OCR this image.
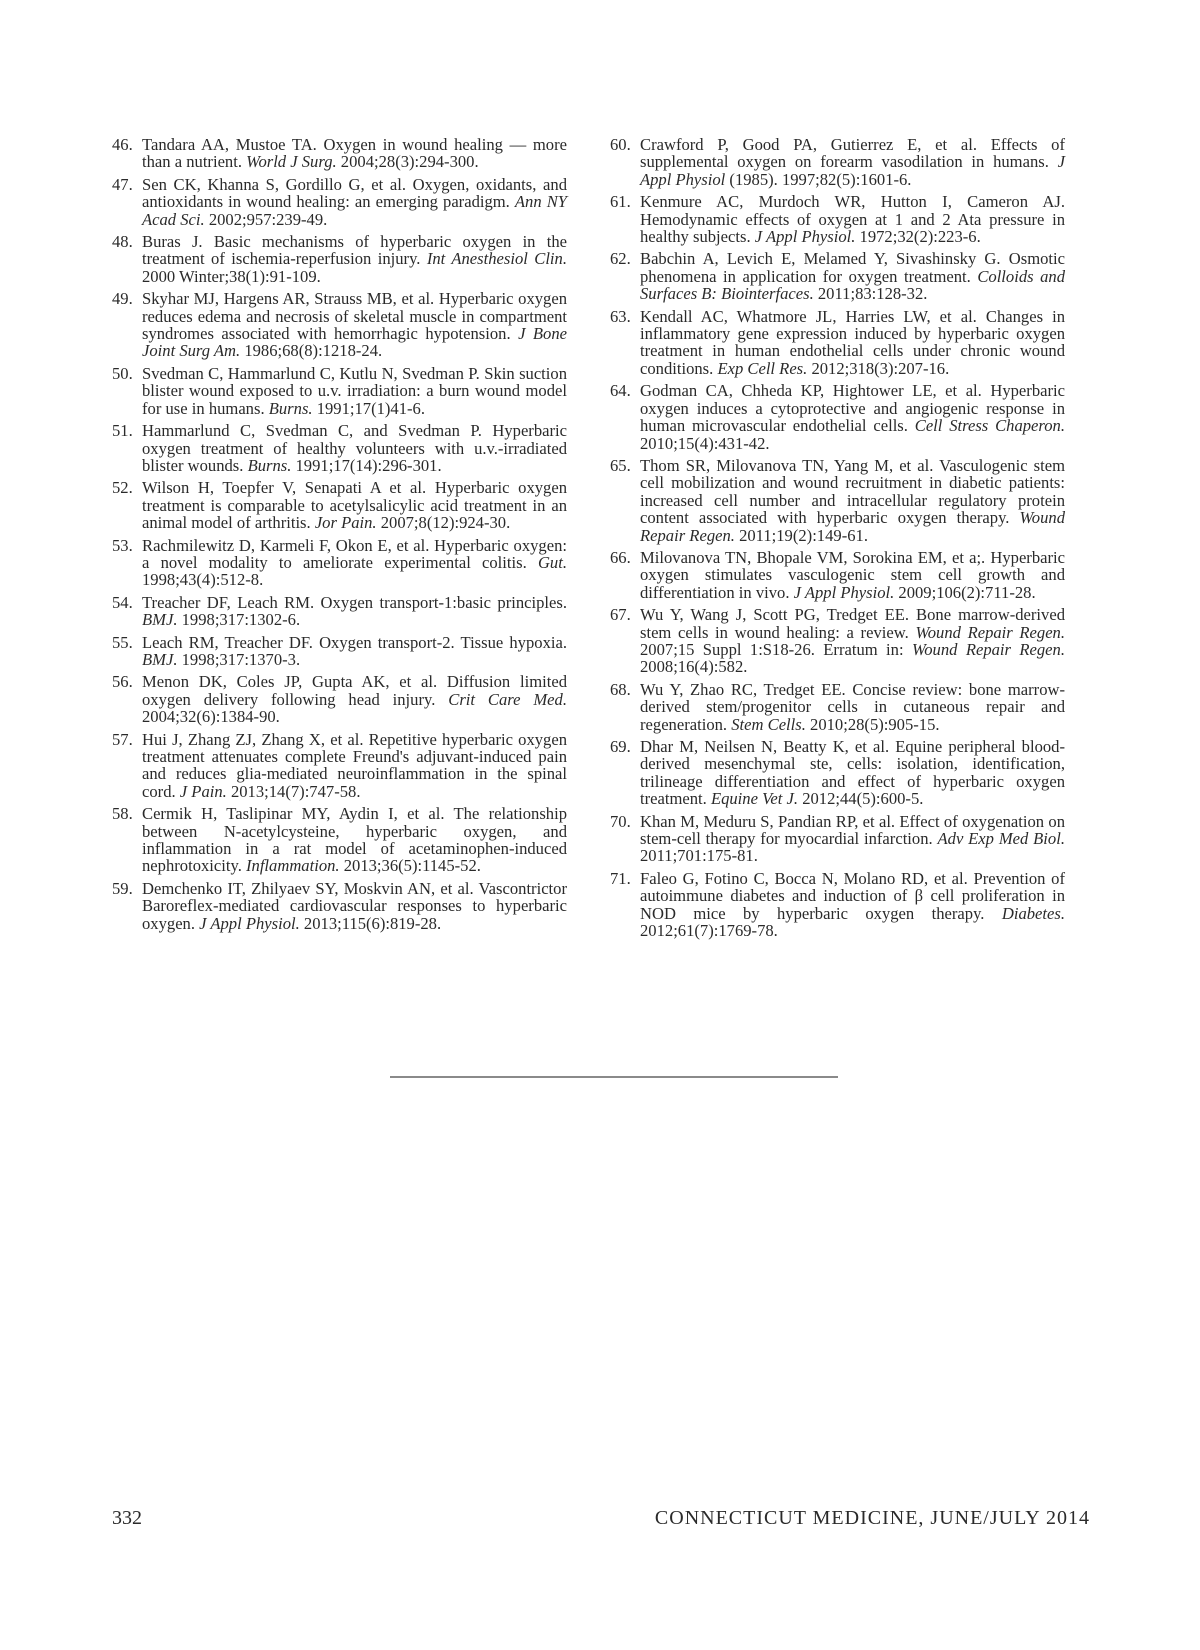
46. Tandara AA, Mustoe TA. Oxygen in wound healing — more than a nutrient. World J Surg. 2004;28(3):294-300.
47. Sen CK, Khanna S, Gordillo G, et al. Oxygen, oxidants, and antioxidants in wound healing: an emerging paradigm. Ann NY Acad Sci. 2002;957:239-49.
48. Buras J. Basic mechanisms of hyperbaric oxygen in the treatment of ischemia-reperfusion injury. Int Anesthesiol Clin. 2000 Winter;38(1):91-109.
49. Skyhar MJ, Hargens AR, Strauss MB, et al. Hyperbaric oxygen reduces edema and necrosis of skeletal muscle in compartment syndromes associated with hemorrhagic hypotension. J Bone Joint Surg Am. 1986;68(8):1218-24.
50. Svedman C, Hammarlund C, Kutlu N, Svedman P. Skin suction blister wound exposed to u.v. irradiation: a burn wound model for use in humans. Burns. 1991;17(1)41-6.
51. Hammarlund C, Svedman C, and Svedman P. Hyperbaric oxygen treatment of healthy volunteers with u.v.-irradiated blister wounds. Burns. 1991;17(14):296-301.
52. Wilson H, Toepfer V, Senapati A et al. Hyperbaric oxygen treatment is comparable to acetylsalicylic acid treatment in an animal model of arthritis. Jor Pain. 2007;8(12):924-30.
53. Rachmilewitz D, Karmeli F, Okon E, et al. Hyperbaric oxygen: a novel modality to ameliorate experimental colitis. Gut. 1998;43(4):512-8.
54. Treacher DF, Leach RM. Oxygen transport-1:basic principles. BMJ. 1998;317:1302-6.
55. Leach RM, Treacher DF. Oxygen transport-2. Tissue hypoxia. BMJ. 1998;317:1370-3.
56. Menon DK, Coles JP, Gupta AK, et al. Diffusion limited oxygen delivery following head injury. Crit Care Med. 2004;32(6):1384-90.
57. Hui J, Zhang ZJ, Zhang X, et al. Repetitive hyperbaric oxygen treatment attenuates complete Freund's adjuvant-induced pain and reduces glia-mediated neuroinflammation in the spinal cord. J Pain. 2013;14(7):747-58.
58. Cermik H, Taslipinar MY, Aydin I, et al. The relationship between N-acetylcysteine, hyperbaric oxygen, and inflammation in a rat model of acetaminophen-induced nephrotoxicity. Inflammation. 2013;36(5):1145-52.
59. Demchenko IT, Zhilyaev SY, Moskvin AN, et al. Vascontrictor Baroreflex-mediated cardiovascular responses to hyperbaric oxygen. J Appl Physiol. 2013;115(6):819-28.
60. Crawford P, Good PA, Gutierrez E, et al. Effects of supplemental oxygen on forearm vasodilation in humans. J Appl Physiol (1985). 1997;82(5):1601-6.
61. Kenmure AC, Murdoch WR, Hutton I, Cameron AJ. Hemodynamic effects of oxygen at 1 and 2 Ata pressure in healthy subjects. J Appl Physiol. 1972;32(2):223-6.
62. Babchin A, Levich E, Melamed Y, Sivashinsky G. Osmotic phenomena in application for oxygen treatment. Colloids and Surfaces B: Biointerfaces. 2011;83:128-32.
63. Kendall AC, Whatmore JL, Harries LW, et al. Changes in inflammatory gene expression induced by hyperbaric oxygen treatment in human endothelial cells under chronic wound conditions. Exp Cell Res. 2012;318(3):207-16.
64. Godman CA, Chheda KP, Hightower LE, et al. Hyperbaric oxygen induces a cytoprotective and angiogenic response in human microvascular endothelial cells. Cell Stress Chaperon. 2010;15(4):431-42.
65. Thom SR, Milovanova TN, Yang M, et al. Vasculogenic stem cell mobilization and wound recruitment in diabetic patients: increased cell number and intracellular regulatory protein content associated with hyperbaric oxygen therapy. Wound Repair Regen. 2011;19(2):149-61.
66. Milovanova TN, Bhopale VM, Sorokina EM, et a;. Hyperbaric oxygen stimulates vasculogenic stem cell growth and differentiation in vivo. J Appl Physiol. 2009;106(2):711-28.
67. Wu Y, Wang J, Scott PG, Tredget EE. Bone marrow-derived stem cells in wound healing: a review. Wound Repair Regen. 2007;15 Suppl 1:S18-26. Erratum in: Wound Repair Regen. 2008;16(4):582.
68. Wu Y, Zhao RC, Tredget EE. Concise review: bone marrow-derived stem/progenitor cells in cutaneous repair and regeneration. Stem Cells. 2010;28(5):905-15.
69. Dhar M, Neilsen N, Beatty K, et al. Equine peripheral blood-derived mesenchymal ste, cells: isolation, identification, trilineage differentiation and effect of hyperbaric oxygen treatment. Equine Vet J. 2012;44(5):600-5.
70. Khan M, Meduru S, Pandian RP, et al. Effect of oxygenation on stem-cell therapy for myocardial infarction. Adv Exp Med Biol. 2011;701:175-81.
71. Faleo G, Fotino C, Bocca N, Molano RD, et al. Prevention of autoimmune diabetes and induction of β cell proliferation in NOD mice by hyperbaric oxygen therapy. Diabetes. 2012;61(7):1769-78.
332	CONNECTICUT MEDICINE, JUNE/JULY 2014
